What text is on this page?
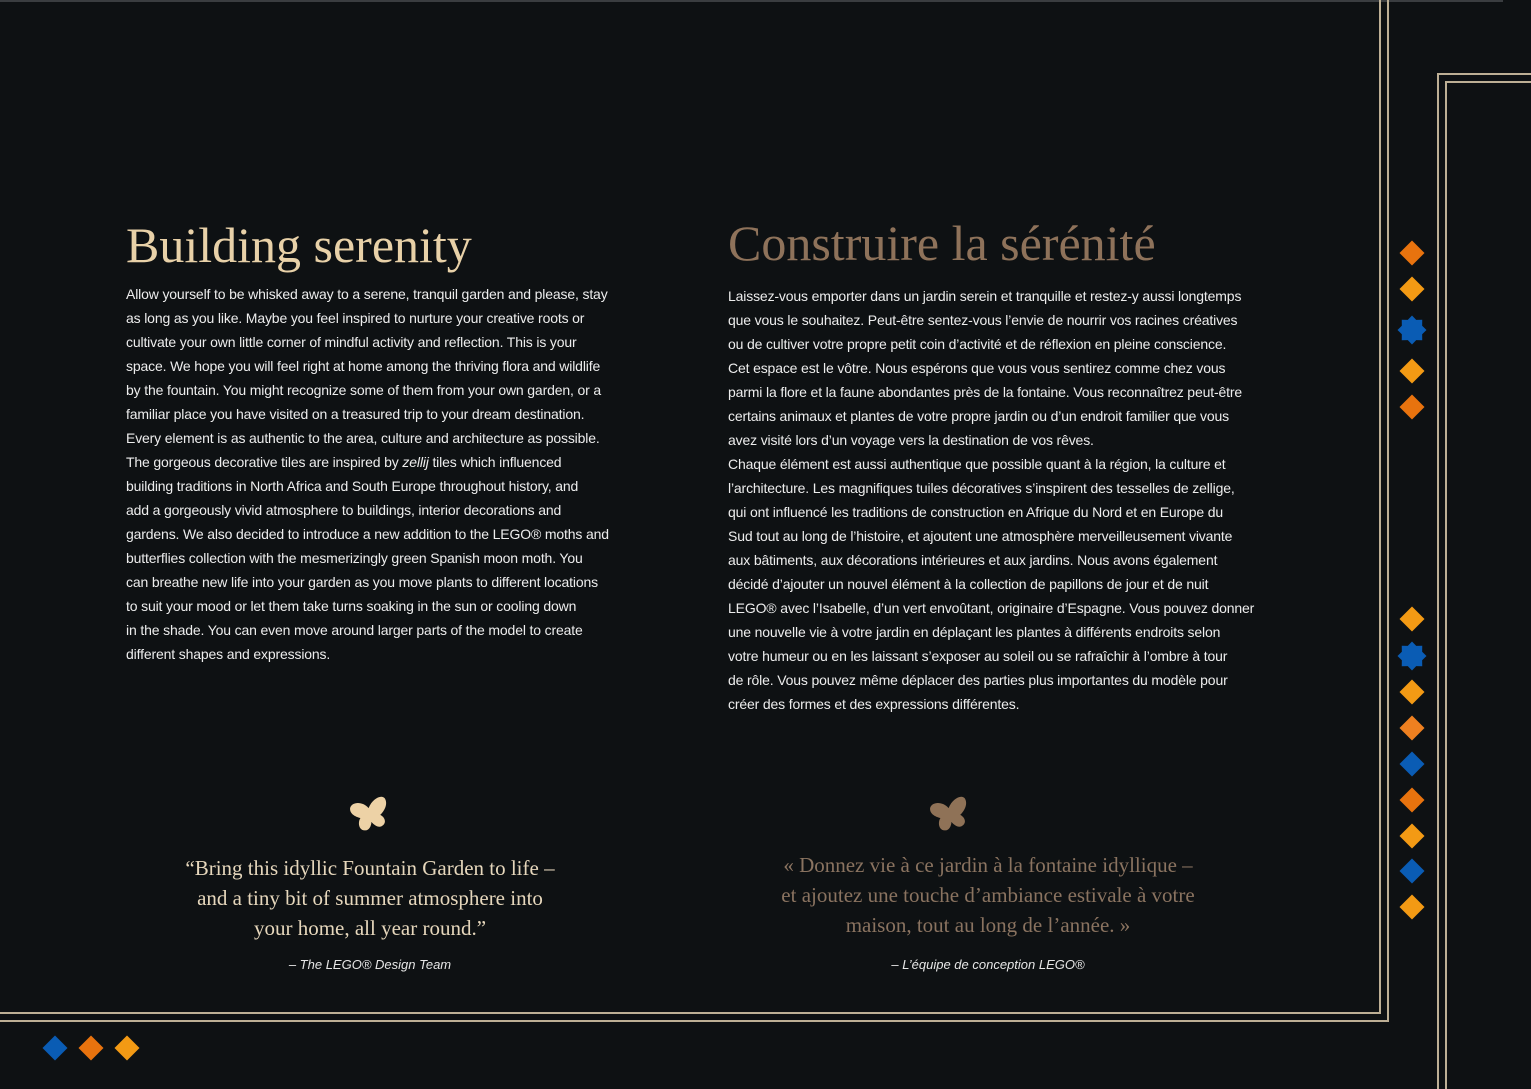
Building serenity
Allow yourself to be whisked away to a serene, tranquil garden and please, stay
as long as you like. Maybe you feel inspired to nurture your creative roots or
cultivate your own little corner of mindful activity and reflection. This is your
space. We hope you will feel right at home among the thriving flora and wildlife
by the fountain. You might recognize some of them from your own garden, or a
familiar place you have visited on a treasured trip to your dream destination.
Every element is as authentic to the area, culture and architecture as possible.
The gorgeous decorative tiles are inspired by zellij tiles which influenced
building traditions in North Africa and South Europe throughout history, and
add a gorgeously vivid atmosphere to buildings, interior decorations and
gardens. We also decided to introduce a new addition to the LEGO® moths and
butterflies collection with the mesmerizingly green Spanish moon moth. You
can breathe new life into your garden as you move plants to different locations
to suit your mood or let them take turns soaking in the sun or cooling down
in the shade. You can even move around larger parts of the model to create
different shapes and expressions.
Construire la sérénité
Laissez-vous emporter dans un jardin serein et tranquille et restez-y aussi longtemps
que vous le souhaitez. Peut-être sentez-vous l’envie de nourrir vos racines créatives
ou de cultiver votre propre petit coin d’activité et de réflexion en pleine conscience.
Cet espace est le vôtre. Nous espérons que vous vous sentirez comme chez vous
parmi la flore et la faune abondantes près de la fontaine. Vous reconnaîtrez peut-être
certains animaux et plantes de votre propre jardin ou d’un endroit familier que vous
avez visité lors d’un voyage vers la destination de vos rêves.
Chaque élément est aussi authentique que possible quant à la région, la culture et
l’architecture. Les magnifiques tuiles décoratives s’inspirent des tesselles de zellige,
qui ont influencé les traditions de construction en Afrique du Nord et en Europe du
Sud tout au long de l’histoire, et ajoutent une atmosphère merveilleusement vivante
aux bâtiments, aux décorations intérieures et aux jardins. Nous avons également
décidé d’ajouter un nouvel élément à la collection de papillons de jour et de nuit
LEGO® avec l’Isabelle, d’un vert envoûtant, originaire d’Espagne. Vous pouvez donner
une nouvelle vie à votre jardin en déplaçant les plantes à différents endroits selon
votre humeur ou en les laissant s’exposer au soleil ou se rafraîchir à l’ombre à tour
de rôle. Vous pouvez même déplacer des parties plus importantes du modèle pour
créer des formes et des expressions différentes.
“Bring this idyllic Fountain Garden to life –
and a tiny bit of summer atmosphere into
your home, all year round.”
– The LEGO® Design Team
« Donnez vie à ce jardin à la fontaine idyllique –
et ajoutez une touche d’ambiance estivale à votre
maison, tout au long de l’année. »
– L’équipe de conception LEGO®
